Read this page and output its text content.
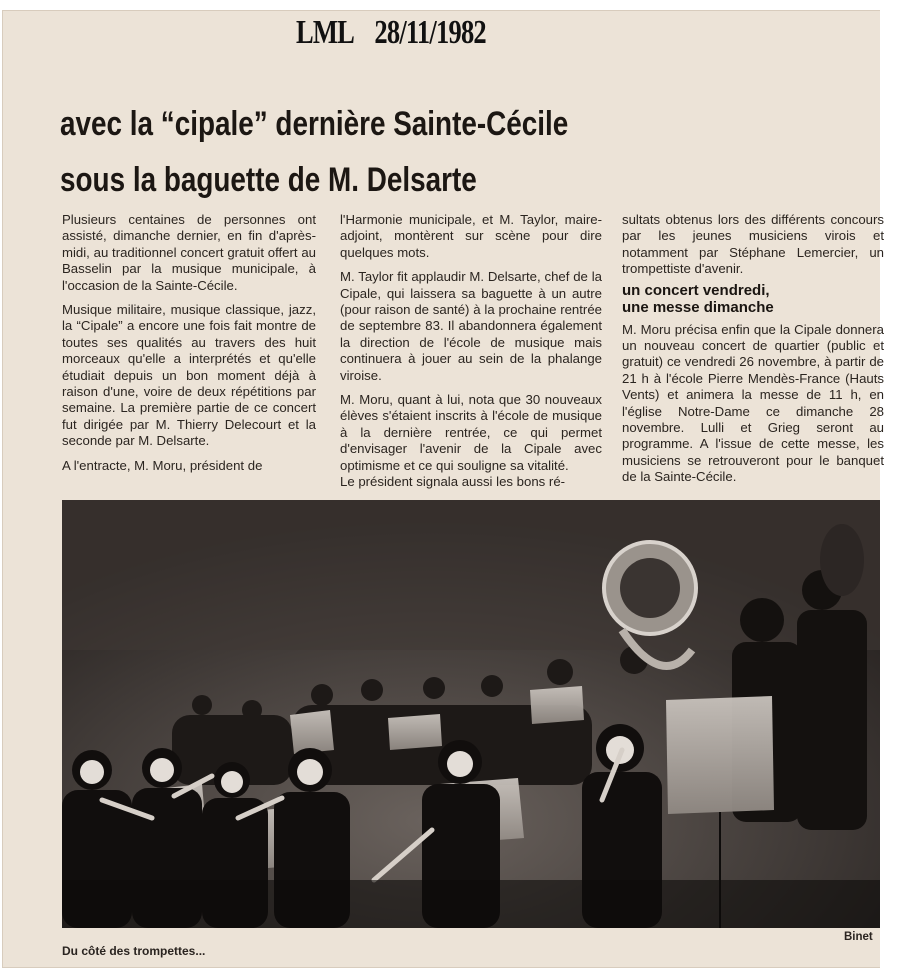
LML 28/11/1982
avec la “cipale” dernière Sainte-Cécile
sous la baguette de M. Delsarte

Plusieurs centaines de personnes ont assisté, dimanche dernier, en fin d'après-midi, au traditionnel concert gratuit offert au Basselin par la musique municipale, à l'occasion de la Sainte-Cécile.

Musique militaire, musique classique, jazz, la “Cipale” a encore une fois fait montre de toutes ses qualités au travers des huit morceaux qu'elle a interprétés et qu'elle étudiait depuis un bon moment déjà à raison d'une, voire de deux répétitions par semaine. La première partie de ce concert fut dirigée par M. Thierry Delecourt et la seconde par M. Delsarte.

A l'entracte, M. Moru, président de

l'Harmonie municipale, et M. Taylor, maire-adjoint, montèrent sur scène pour dire quelques mots.

M. Taylor fit applaudir M. Delsarte, chef de la Cipale, qui laissera sa baguette à un autre (pour raison de santé) à la prochaine rentrée de septembre 83. Il abandonnera également la direction de l'école de musique mais continuera à jouer au sein de la phalange viroise.

M. Moru, quant à lui, nota que 30 nouveaux élèves s'étaient inscrits à l'école de musique à la dernière rentrée, ce qui permet d'envisager l'avenir de la Cipale avec optimisme et ce qui souligne sa vitalité.

Le président signala aussi les bons ré-

sultats obtenus lors des différents concours par les jeunes musiciens virois et notamment par Stéphane Lemercier, un trompettiste d'avenir.

un concert vendredi,
une messe dimanche

M. Moru précisa enfin que la Cipale donnera un nouveau concert de quartier (public et gratuit) ce vendredi 26 novembre, à partir de 21 h à l'école Pierre Mendès-France (Hauts Vents) et animera la messe de 11 h, en l'église Notre-Dame ce dimanche 28 novembre. Lulli et Grieg seront au programme. A l'issue de cette messe, les musiciens se retrouveront pour le banquet de la Sainte-Cécile.

Du côté des trompettes...
Binet
